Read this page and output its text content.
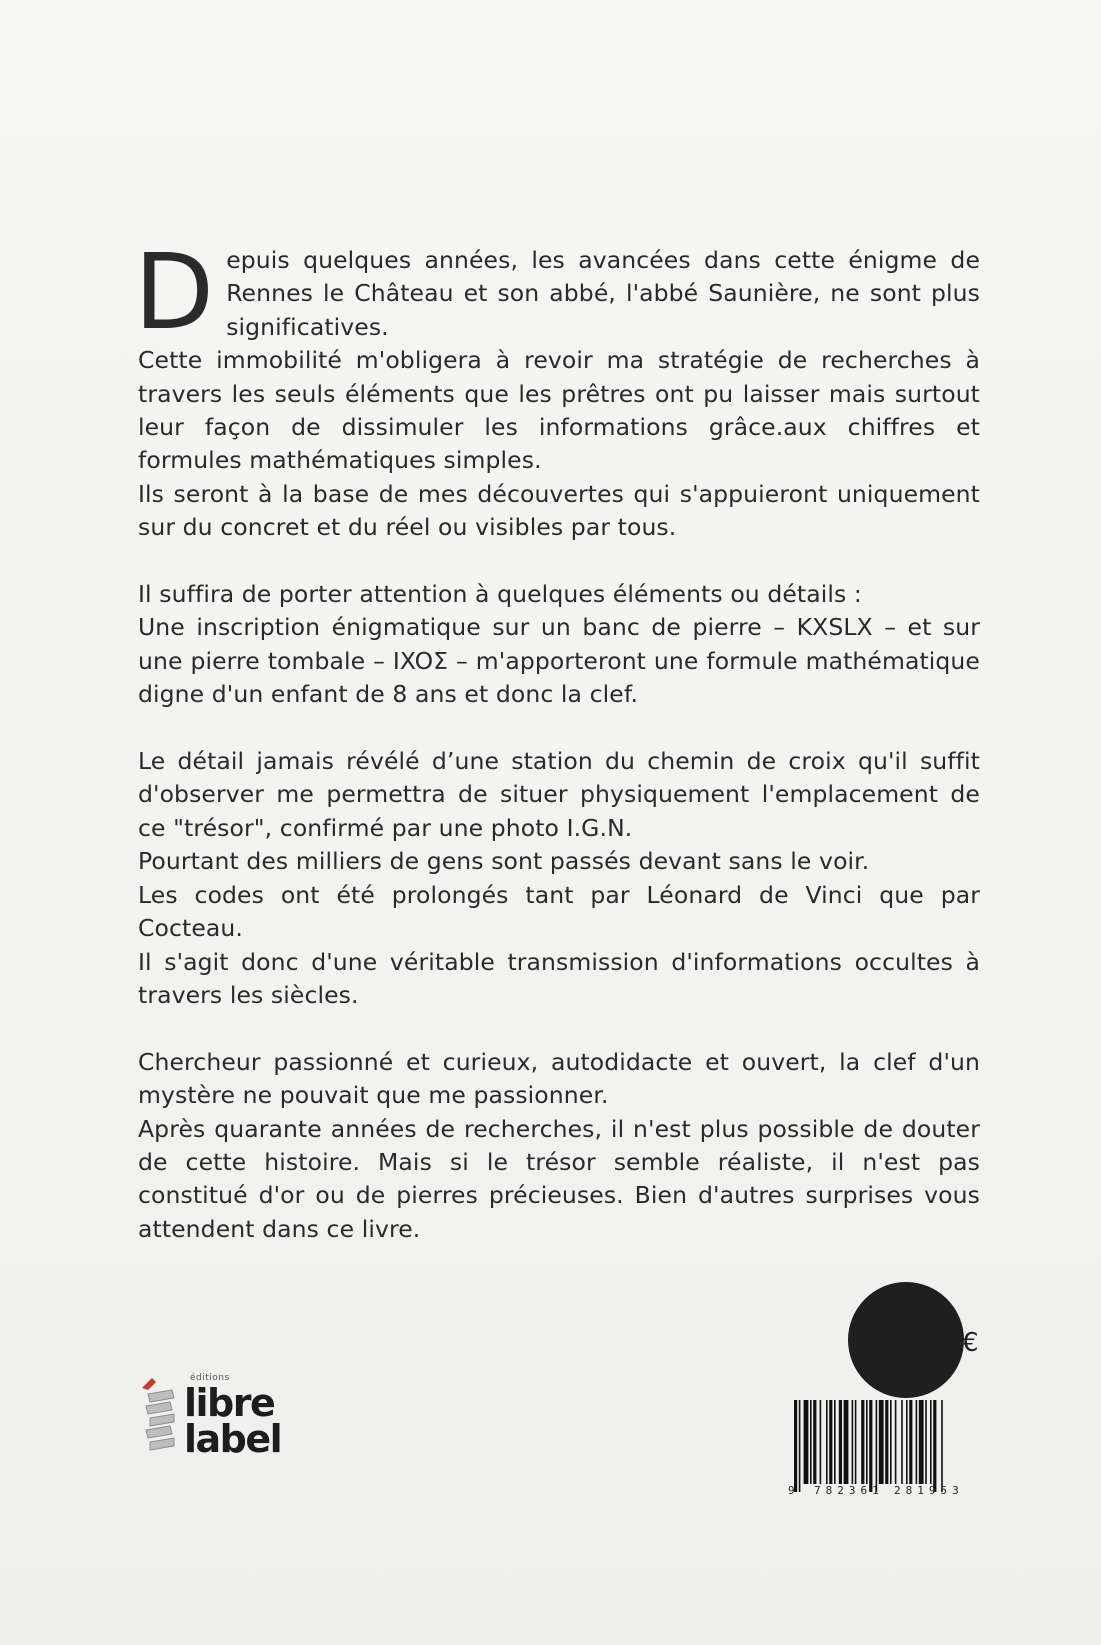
Depuis quelques années, les avancées dans cette énigme de Rennes le Château et son abbé, l'abbé Saunière, ne sont plus significatives.

Cette immobilité m'obligera à revoir ma stratégie de recherches à travers les seuls éléments que les prêtres ont pu laisser mais surtout leur façon de dissimuler les informations grâce.aux chiffres et formules mathématiques simples.

Ils seront à la base de mes découvertes qui s'appuieront uniquement sur du concret et du réel ou visibles par tous.

Il suffira de porter attention à quelques éléments ou détails :

Une inscription énigmatique sur un banc de pierre – KXSLX – et sur une pierre tombale – IXOΣ – m'apporteront une formule mathématique digne d'un enfant de 8 ans et donc la clef.

Le détail jamais révélé d’une station du chemin de croix qu'il suffit d'observer me permettra de situer physiquement l'emplacement de ce "trésor", confirmé par une photo I.G.N.

Pourtant des milliers de gens sont passés devant sans le voir.

Les codes ont été prolongés tant par Léonard de Vinci que par Cocteau.

Il s'agit donc d'une véritable transmission d'informations occultes à travers les siècles.

Chercheur passionné et curieux, autodidacte et ouvert, la clef d'un mystère ne pouvait que me passionner.

Après quarante années de recherches, il n'est plus possible de douter de cette histoire. Mais si le trésor semble réaliste, il n'est pas constitué d'or ou de pierres précieuses. Bien d'autres surprises vous attendent dans ce livre.

éditions
libre
label
€
9 782361 281953
